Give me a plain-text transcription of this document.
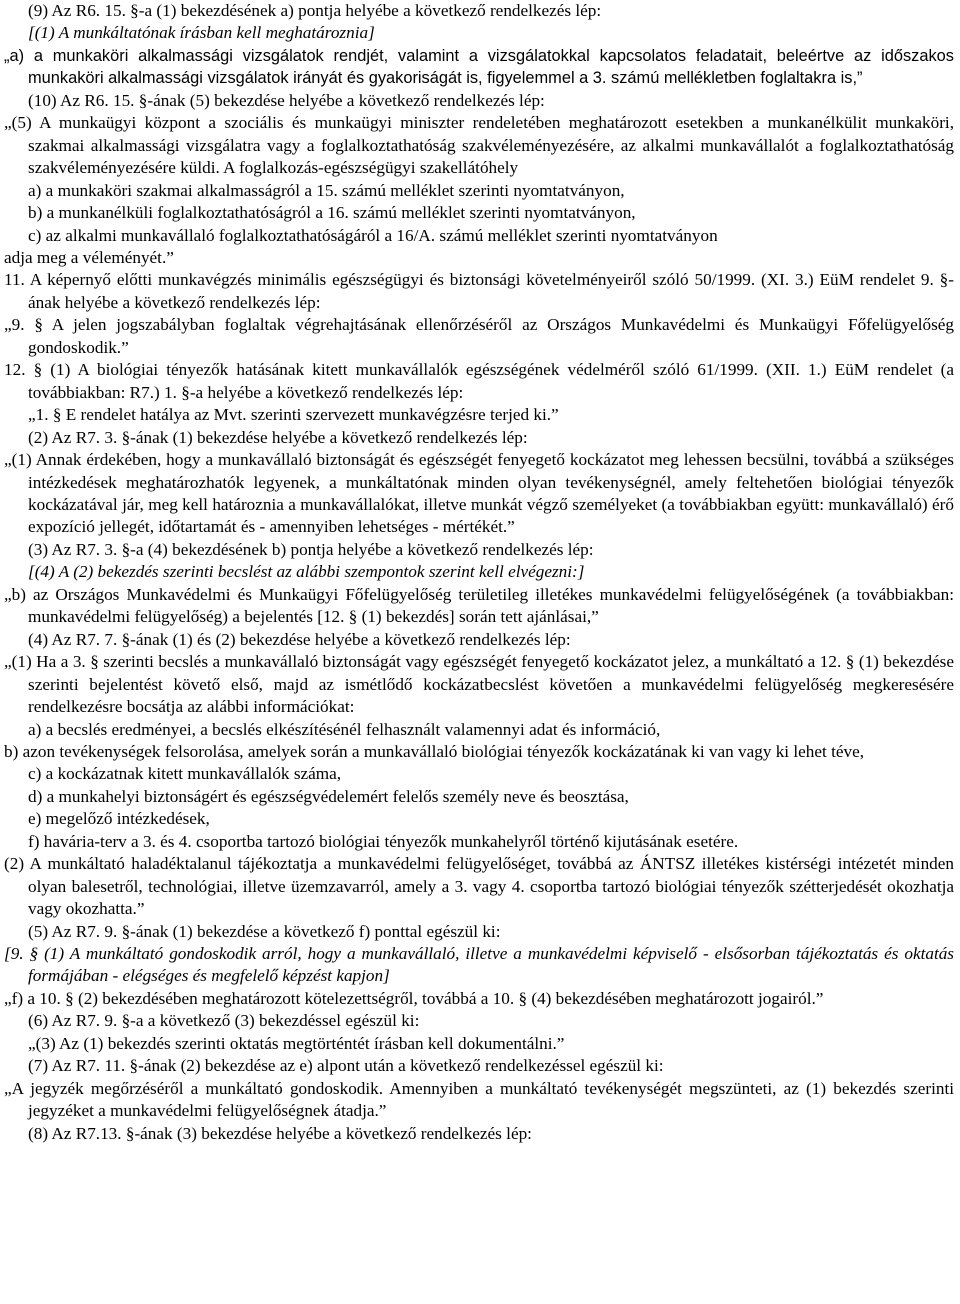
(9) Az R6. 15. §-a (1) bekezdésének a) pontja helyébe a következő rendelkezés lép:

[(1) A munkáltatónak írásban kell meghatároznia]

„a) a munkaköri alkalmassági vizsgálatok rendjét, valamint a vizsgálatokkal kapcsolatos feladatait, beleértve az időszakos munkaköri alkalmassági vizsgálatok irányát és gyakoriságát is, figyelemmel a 3. számú mellékletben foglaltakra is,”

(10) Az R6. 15. §-ának (5) bekezdése helyébe a következő rendelkezés lép:

„(5) A munkaügyi központ a szociális és munkaügyi miniszter rendeletében meghatározott esetekben a munkanélkülit munkaköri, szakmai alkalmassági vizsgálatra vagy a foglalkoztathatóság szakvéleményezésére, az alkalmi munkavállalót a foglalkoztathatóság szakvéleményezésére küldi. A foglalkozás-egészségügyi szakellátóhely

a) a munkaköri szakmai alkalmasságról a 15. számú melléklet szerinti nyomtatványon,

b) a munkanélküli foglalkoztathatóságról a 16. számú melléklet szerinti nyomtatványon,

c) az alkalmi munkavállaló foglalkoztathatóságáról a 16/A. számú melléklet szerinti nyomtatványon

adja meg a véleményét.”

11. A képernyő előtti munkavégzés minimális egészségügyi és biztonsági követelményeiről szóló 50/1999. (XI. 3.) EüM rendelet 9. §-ának helyébe a következő rendelkezés lép:

„9. § A jelen jogszabályban foglaltak végrehajtásának ellenőrzéséről az Országos Munkavédelmi és Munkaügyi Főfelügyelőség gondoskodik.”

12. § (1) A biológiai tényezők hatásának kitett munkavállalók egészségének védelméről szóló 61/1999. (XII. 1.) EüM rendelet (a továbbiakban: R7.) 1. §-a helyébe a következő rendelkezés lép:

„1. § E rendelet hatálya az Mvt. szerinti szervezett munkavégzésre terjed ki.”

(2) Az R7. 3. §-ának (1) bekezdése helyébe a következő rendelkezés lép:

„(1) Annak érdekében, hogy a munkavállaló biztonságát és egészségét fenyegető kockázatot meg lehessen becsülni, továbbá a szükséges intézkedések meghatározhatók legyenek, a munkáltatónak minden olyan tevékenységnél, amely feltehetően biológiai tényezők kockázatával jár, meg kell határoznia a munkavállalókat, illetve munkát végző személyeket (a továbbiakban együtt: munkavállaló) érő expozíció jellegét, időtartamát és - amennyiben lehetséges - mértékét.”

(3) Az R7. 3. §-a (4) bekezdésének b) pontja helyébe a következő rendelkezés lép:

[(4) A (2) bekezdés szerinti becslést az alábbi szempontok szerint kell elvégezni:]

„b) az Országos Munkavédelmi és Munkaügyi Főfelügyelőség területileg illetékes munkavédelmi felügyelőségének (a továbbiakban: munkavédelmi felügyelőség) a bejelentés [12. § (1) bekezdés] során tett ajánlásai,”

(4) Az R7. 7. §-ának (1) és (2) bekezdése helyébe a következő rendelkezés lép:

„(1) Ha a 3. § szerinti becslés a munkavállaló biztonságát vagy egészségét fenyegető kockázatot jelez, a munkáltató a 12. § (1) bekezdése szerinti bejelentést követő első, majd az ismétlődő kockázatbecslést követően a munkavédelmi felügyelőség megkeresésére rendelkezésre bocsátja az alábbi információkat:

a) a becslés eredményei, a becslés elkészítésénél felhasznált valamennyi adat és információ,

b) azon tevékenységek felsorolása, amelyek során a munkavállaló biológiai tényezők kockázatának ki van vagy ki lehet téve,

c) a kockázatnak kitett munkavállalók száma,

d) a munkahelyi biztonságért és egészségvédelemért felelős személy neve és beosztása,

e) megelőző intézkedések,

f) haváriа-terv a 3. és 4. csoportba tartozó biológiai tényezők munkahelyről történő kijutásának esetére.

(2) A munkáltató haladéktalanul tájékoztatja a munkavédelmi felügyelőséget, továbbá az ÁNTSZ illetékes kistérségi intézetét minden olyan balesetről, technológiai, illetve üzemzavarról, amely a 3. vagy 4. csoportba tartozó biológiai tényezők szétterjedését okozhatja vagy okozhatta.”

(5) Az R7. 9. §-ának (1) bekezdése a következő f) ponttal egészül ki:

[9. § (1) A munkáltató gondoskodik arról, hogy a munkavállaló, illetve a munkavédelmi képviselő - elsősorban tájékoztatás és oktatás formájában - elégséges és megfelelő képzést kapjon]

„f) a 10. § (2) bekezdésében meghatározott kötelezettségről, továbbá a 10. § (4) bekezdésében meghatározott jogairól.”

(6) Az R7. 9. §-a a következő (3) bekezdéssel egészül ki:

„(3) Az (1) bekezdés szerinti oktatás megtörténtét írásban kell dokumentálni.”

(7) Az R7. 11. §-ának (2) bekezdése az e) alpont után a következő rendelkezéssel egészül ki:

„A jegyzék megőrzéséről a munkáltató gondoskodik. Amennyiben a munkáltató tevékenységét megszünteti, az (1) bekezdés szerinti jegyzéket a munkavédelmi felügyelőségnek átadja.”

(8) Az R7.13. §-ának (3) bekezdése helyébe a következő rendelkezés lép:
